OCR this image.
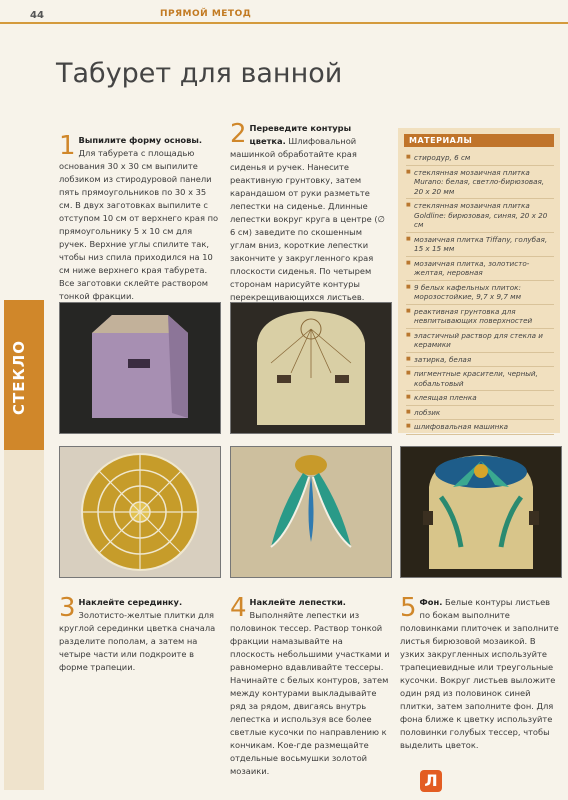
44	ПРЯМОЙ МЕТОД
Табурет для ванной
СТЕКЛО
1 Выпилите форму основы. Для табурета с площадью основания 30 х 30 см выпилите лобзиком из стиродуровой панели пять прямоугольников по 30 х 35 см. В двух заготовках выпилите с отступом 10 см от верхнего края по прямоугольнику 5 х 10 см для ручек. Верхние углы спилите так, чтобы низ спила приходился на 10 см ниже верхнего края табурета. Все заготовки склейте раствором тонкой фракции.
2 Переведите контуры цветка. Шлифовальной машинкой обработайте края сиденья и ручек. Нанесите реактивную грунтовку, затем карандашом от руки разметьте лепестки на сиденье. Длинные лепестки вокруг круга в центре (∅ 6 см) заведите по скошенным углам вниз, короткие лепестки закончите у закругленного края плоскости сиденья. По четырем сторонам нарисуйте контуры перекрещивающихся листьев.
МАТЕРИАЛЫ
■ стиродур, 6 см
■ стеклянная мозаичная плитка Murano: белая, светло-бирюзовая, 20 х 20 мм
■ стеклянная мозаичная плитка Goldline: бирюзовая, синяя, 20 х 20 см
■ мозаичная плитка Tiffany, голубая, 15 х 15 мм
■ мозаичная плитка, золотисто-желтая, неровная
■ 9 белых кафельных плиток: морозостойкие, 9,7 х 9,7 мм
■ реактивная грунтовка для невпитывающих поверхностей
■ эластичный раствор для стекла и керамики
■ затирка, белая
■ пигментные красители, черный, кобальтовый
■ клеящая пленка
■ лобзик
■ шлифовальная машинка
3 Наклейте серединку. Золотисто-желтые плитки для круглой серединки цветка сначала разделите пополам, а затем на четыре части или подкроите в форме трапеции.
4 Наклейте лепестки. Выполняйте лепестки из половинок тессер. Раствор тонкой фракции намазывайте на плоскость небольшими участками и равномерно вдавливайте тессеры. Начинайте с белых контуров, затем между контурами выкладывайте ряд за рядом, двигаясь внутрь лепестка и используя все более светлые кусочки по направлению к кончикам. Кое-где размещайте отдельные восьмушки золотой мозаики.
5 Фон. Белые контуры листьев по бокам выполните половинками плиточек и заполните листья бирюзовой мозаикой. В узких закругленных используйте трапециевидные или треугольные кусочки. Вокруг листьев выложите один ряд из половинок синей плитки, затем заполните фон. Для фона ближе к цветку используйте половинки голубых тессер, чтобы выделить цветок.
Л
